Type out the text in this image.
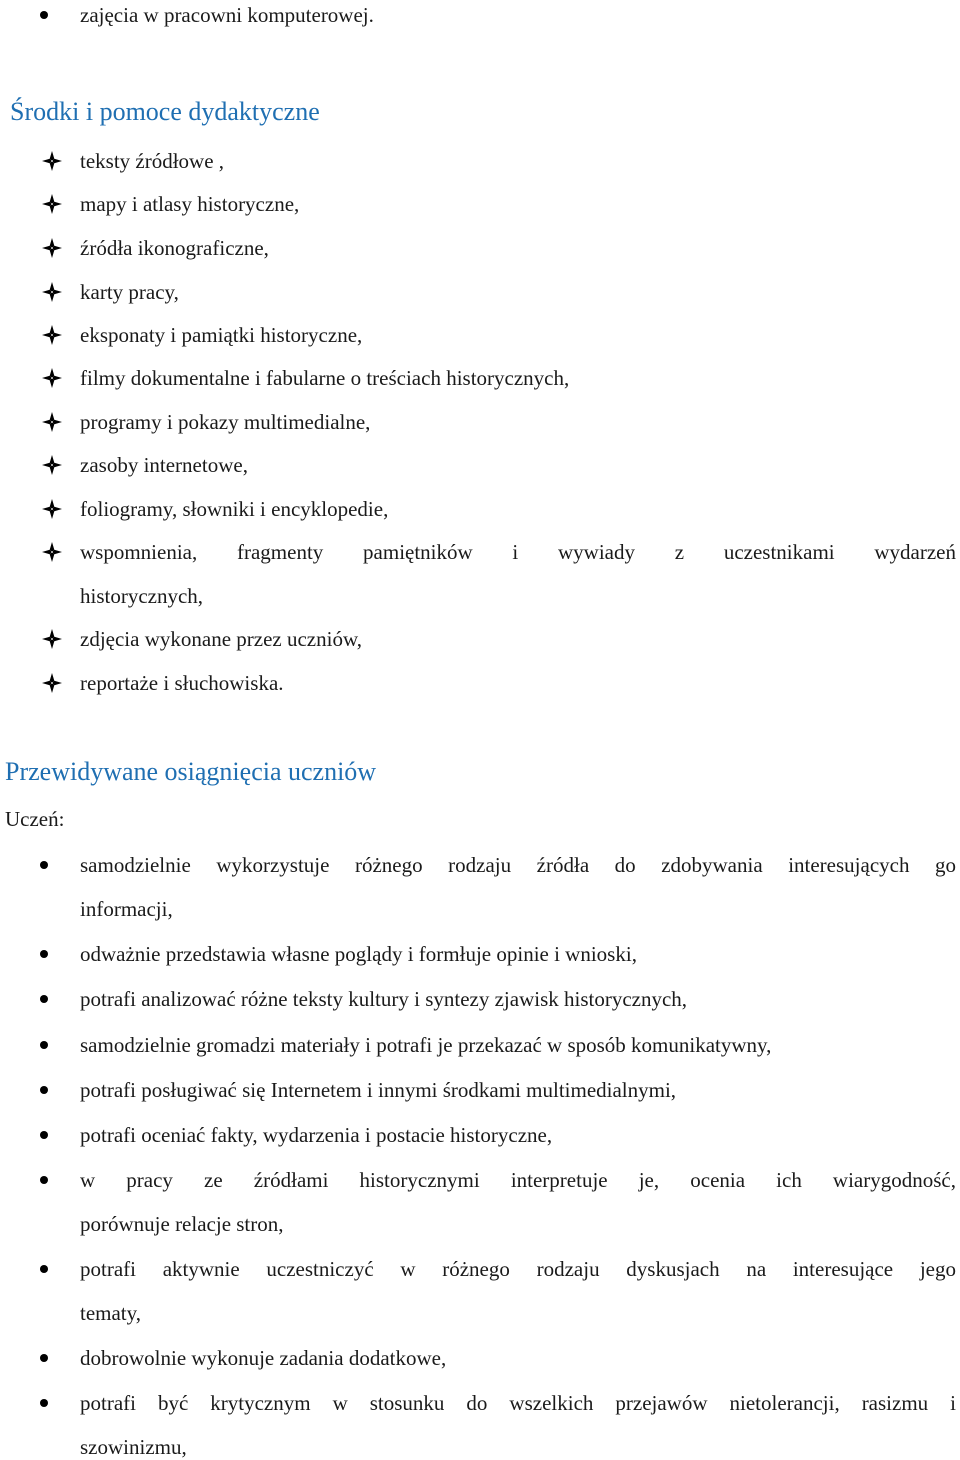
zajęcia w pracowni komputerowej.
Środki i pomoce dydaktyczne
teksty źródłowe ,
mapy i atlasy historyczne,
źródła ikonograficzne,
karty pracy,
eksponaty i pamiątki historyczne,
filmy dokumentalne i fabularne o treściach historycznych,
programy i pokazy multimedialne,
zasoby internetowe,
foliogramy, słowniki i encyklopedie,
wspomnienia, fragmenty pamiętników i wywiady z uczestnikami wydarzeń
historycznych,
zdjęcia wykonane przez uczniów,
reportaże i słuchowiska.
Przewidywane osiągnięcia uczniów
Uczeń:
samodzielnie wykorzystuje różnego rodzaju źródła do zdobywania interesujących go
informacji,
odważnie przedstawia własne poglądy i formłuje opinie i wnioski,
potrafi analizować różne teksty kultury i syntezy zjawisk historycznych,
samodzielnie gromadzi materiały i potrafi je przekazać w sposób komunikatywny,
potrafi posługiwać się Internetem i innymi środkami multimedialnymi,
potrafi oceniać fakty, wydarzenia i postacie historyczne,
w pracy ze źródłami historycznymi interpretuje je, ocenia ich wiarygodność,
porównuje relacje stron,
potrafi aktywnie uczestniczyć w różnego rodzaju dyskusjach na interesujące jego
tematy,
dobrowolnie wykonuje zadania dodatkowe,
potrafi być krytycznym w stosunku do wszelkich przejawów nietolerancji, rasizmu i
szowinizmu,
